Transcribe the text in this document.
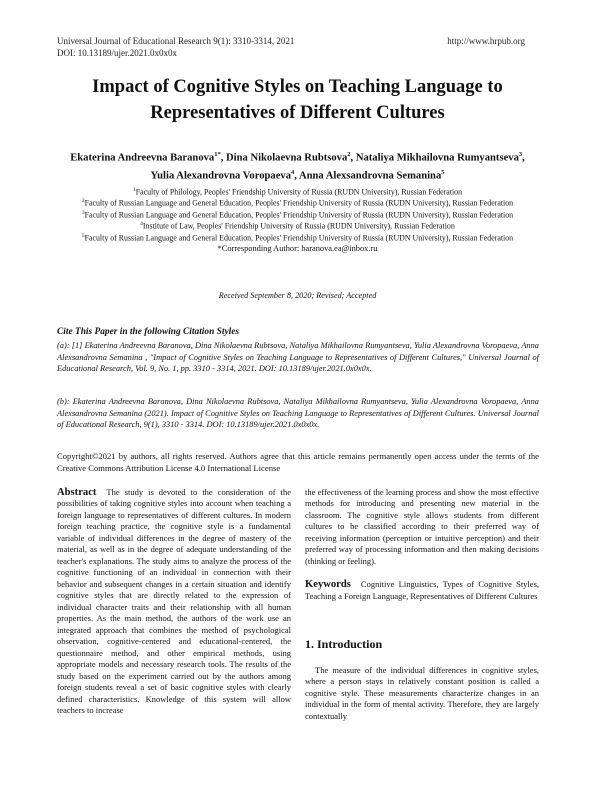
Universal Journal of Educational Research 9(1): 3310-3314, 2021
DOI: 10.13189/ujer.2021.0x0x0x
http://www.hrpub.org
Impact of Cognitive Styles on Teaching Language to Representatives of Different Cultures
Ekaterina Andreevna Baranova$^{1*}$, Dina Nikolaevna Rubtsova$^2$, Nataliya Mikhailovna Rumyantseva$^3$,
Yulia Alexandrovna Voropaeva$^4$, Anna Alexsandrovna Semanina$^5$
$^1$Faculty of Philology, Peoples' Friendship University of Russia (RUDN University), Russian Federation
$^2$Faculty of Russian Language and General Education, Peoples' Friendship University of Russia (RUDN University), Russian Federation
$^3$Faculty of Russian Language and General Education, Peoples' Friendship University of Russia (RUDN University), Russian Federation
$^4$Institute of Law, Peoples' Friendship University of Russia (RUDN University), Russian Federation
$^5$Faculty of Russian Language and General Education, Peoples' Friendship University of Russia (RUDN University), Russian Federation
*Corresponding Author: baranova.ea@inbox.ru
Received September 8, 2020; Revised; Accepted
Cite This Paper in the following Citation Styles
(a): [1] Ekaterina Andreevna Baranova, Dina Nikolaevna Rubtsova, Nataliya Mikhailovna Rumyantseva, Yulia Alexandrovna Voropaeva, Anna Alexsandrovna Semanina , "Impact of Cognitive Styles on Teaching Language to Representatives of Different Cultures," Universal Journal of Educational Research, Vol. 9, No. 1, pp. 3310 - 3314, 2021. DOI: 10.13189/ujer.2021.0x0x0x.
(b): Ekaterina Andreevna Baranova, Dina Nikolaevna Rubtsova, Nataliya Mikhailovna Rumyantseva, Yulia Alexandrovna Voropaeva, Anna Alexsandrovna Semanina (2021). Impact of Cognitive Styles on Teaching Language to Representatives of Different Cultures. Universal Journal of Educational Research, 9(1), 3310 - 3314. DOI: 10.13189/ujer.2021.0x0x0x.
Copyright©2021 by authors, all rights reserved. Authors agree that this article remains permanently open access under the terms of the Creative Commons Attribution License 4.0 International License

Abstract The study is devoted to the consideration of the possibilities of taking cognitive styles into account when teaching a foreign language to representatives of different cultures. In modern foreign teaching practice, the cognitive style is a fundamental variable of individual differences in the degree of mastery of the material, as well as in the degree of adequate understanding of the teacher's explanations. The study aims to analyze the process of the cognitive functioning of an individual in connection with their behavior and subsequent changes in a certain situation and identify cognitive styles that are directly related to the expression of individual character traits and their relationship with all human properties. As the main method, the authors of the work use an integrated approach that combines the method of psychological observation, cognitive-centered and educational-centered, the questionnaire method, and other empirical methods, using appropriate models and necessary research tools. The results of the study based on the experiment carried out by the authors among foreign students reveal a set of basic cognitive styles with clearly defined characteristics. Knowledge of this system will allow teachers to increase

the effectiveness of the learning process and show the most effective methods for introducing and presenting new material in the classroom. The cognitive style allows students from different cultures to be classified according to their preferred way of receiving information (perception or intuitive perception) and their preferred way of processing information and then making decisions (thinking or feeling).

Keywords Cognitive Linguistics, Types of Cognitive Styles, Teaching a Foreign Language, Representatives of Different Cultures

1. Introduction

The measure of the individual differences in cognitive styles, where a person stays in relatively constant position is called a cognitive style. These measurements characterize changes in an individual in the form of mental activity. Therefore, they are largely contextually
